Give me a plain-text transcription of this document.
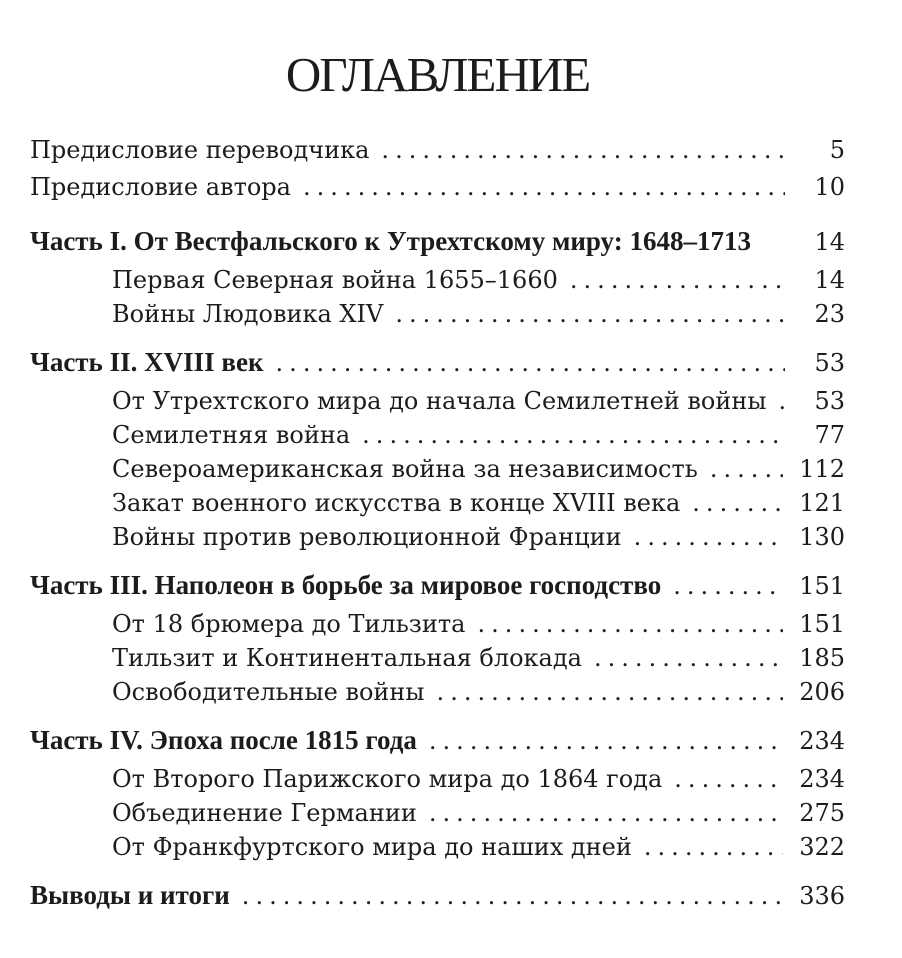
ОГЛАВЛЕНИЕ
Предисловие переводчика . . .	5
Предисловие автора . . .	10
Часть I. От Вестфальского к Утрехтскому миру: 1648–1713	14
Первая Северная война 1655–1660 . . .	14
Войны Людовика XIV . . .	23
Часть II. XVIII век . . .	53
От Утрехтского мира до начала Семилетней войны . . .	53
Семилетняя война . . .	77
Североамериканская война за независимость . . .	112
Закат военного искусства в конце XVIII века . . .	121
Войны против революционной Франции . . .	130
Часть III. Наполеон в борьбе за мировое господство . . .	151
От 18 брюмера до Тильзита . . .	151
Тильзит и Континентальная блокада . . .	185
Освободительные войны . . .	206
Часть IV. Эпоха после 1815 года . . .	234
От Второго Парижского мира до 1864 года . . .	234
Объединение Германии . . .	275
От Франкфуртского мира до наших дней . . .	322
Выводы и итоги . . .	336
